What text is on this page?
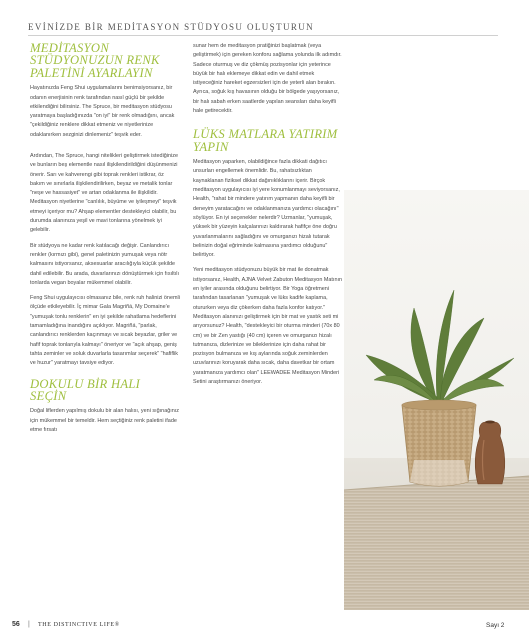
EVİNİZDE BİR MEDİTASYON STÜDYOSU OLUŞTURUN
MEDİTASYON STÜDYONUZUN RENK PALETİNİ AYARLAYIN

Hayatınızda Feng Shui uygulamalarını benimsiyorsanız, bir odanın enerjisinin renk tarafından nasıl güçlü bir şekilde etkilendiğini bilirsiniz. The Spruce, bir meditasyon stüdyosu yaratmaya başladığınızda "on iyi" bir renk olmadığını, ancak "çekildiğiniz renklere dikkat etmeniz ve niyetlerinize odaklanırken sezginizi dinlemeniz" teşvik eder.

Ardından, The Spruce, hangi nitelikleri geliştirmek istediğinize ve bunların beş elementle nasıl ilişkilendirildiğini düşünmenizi önerir. Sarı ve kahverengi gibi toprak renkleri istikrar, öz bakım ve sınırlarla ilişkilendirilirken, beyaz ve metalik tonlar "neşe ve hassasiyet" ve artan odaklanma ile ilişkilidir. Meditasyon niyetlerine "canlılık, büyüme ve iyileşmeyi" teşvik etmeyi içeriyor mu? Ahşap elementler destekleyici olabilir, bu durumda alanınıza yeşil ve mavi tonlarına yönelmek iyi gelebilir.

Bir stüdyoya ne kadar renk katılacağı değişir. Canlandırıcı renkler (kırmızı gibi), genel paletinizin yumuşak veya nötr kalmasını istiyorsanız, aksesuarlar aracılığıyla küçük şekilde dahil edilebilir. Bu arada, duvarlarınızı dönüştürmek için fısıltılı tonlarda vegan boyalar mükemmel olabilir.

Feng Shui uygulayıcısı olmasanız bile, renk ruh halinizi önemli ölçüde etkileyebilir. İç mimar Gala Magriñá, My Domaine'e "yumuşak tonlu renklerin" en iyi şekilde rahatlama hedeflerini tamamladığına inandığını açıklıyor. Magriñá, "parlak, canlandırıcı renklerden kaçınmayı ve sıcak beyazlar, griler ve hafif toprak tonlarıyla kalmayı" öneriyor ve "açık ahşap, geniş tahta zeminler ve soluk duvarlarla tasarımlar seçerek" "hafiflik ve huzur" yaratmayı tavsiye ediyor.

DOKULU BİR HALI SEÇİN

Doğal liflerden yapılmış dokulu bir alan halısı, yeni sığınağınız için mükemmel bir temeldir. Hem seçtiğiniz renk paletini ifade etme fırsatı

sunar hem de meditasyon pratiğinizi başlatmak (veya geliştirmek) için gereken konforu sağlama yolunda ilk adımdır. Sadece oturmuş ve diz çökmüş pozisyonlar için yeterince büyük bir halı eklemeye dikkat edin ve dahil etmek istiyeceğiniz hareket egzersizleri için de yeterli alan bırakın. Ayrıca, soğuk kış havasının olduğu bir bölgede yaşıyorsanız, bir halı sabah erken saatlerde yapılan seansları daha keyifli hale getirecektir.

LÜKS MATLARA YATIRIM YAPIN

Meditasyon yaparken, olabildiğince fazla dikkati dağıtıcı unsurları engellemek önemlidir. Bu, rahatsızlıktan kaynaklanan fiziksel dikkat dağınıklıklarını içerir. Birçok meditasyon uygulayıcısı iyi yere konumlanmayı seviyorsanız, Health, "rahat bir mindere yatırım yapmanın daha keyifli bir deneyim yaratacağını ve odaklanmanıza yardımcı olacağını" söylüyor. En iyi seçenekler nelerdir? Uzmanlar, "yumuşak, yüksek bir yüzeyin kalçalarınızı kaldırarak hafifçe öne doğru yuvarlanmalarını sağladığını ve omurganızı hizalı tutarak belinizin doğal eğriminde kalmasına yardımcı olduğunu" belirtiyor.

Yeni meditasyon stüdyonuzu büyük bir mat ile donatmak istiyorsanız, Health, AJNA Velvet Zabuton Meditasyon Matının en iyiler arasında olduğunu belirtiyor. Bir Yoga öğretmeni tarafından tasarlanan "yumuşak ve lüks kadife kaplama, otururken veya diz çökerken daha fazla konfor katıyor." Meditasyon alanınızı geliştirmek için bir mat ve yastık seti mi arıyorsunuz? Health, "destekleyici bir oturma minderi (70x 80 cm) ve bir Zen yastığı (40 cm) içeren ve omurganızı hizalı tutmanıza, dizlerinize ve bileklerinize için daha rahat bir pozisyon bulmanıza ve kış aylarında soğuk zeminlerden uzuvlarınızı koruyarak daha sıcak, daha davetkar bir ortam yaratmanıza yardımcı olan" LEEWADEE Meditasyon Minderi Setini araştırmanızı öneriyor.

56 | THE DISTINCTIVE LIFE®	Sayı 2
